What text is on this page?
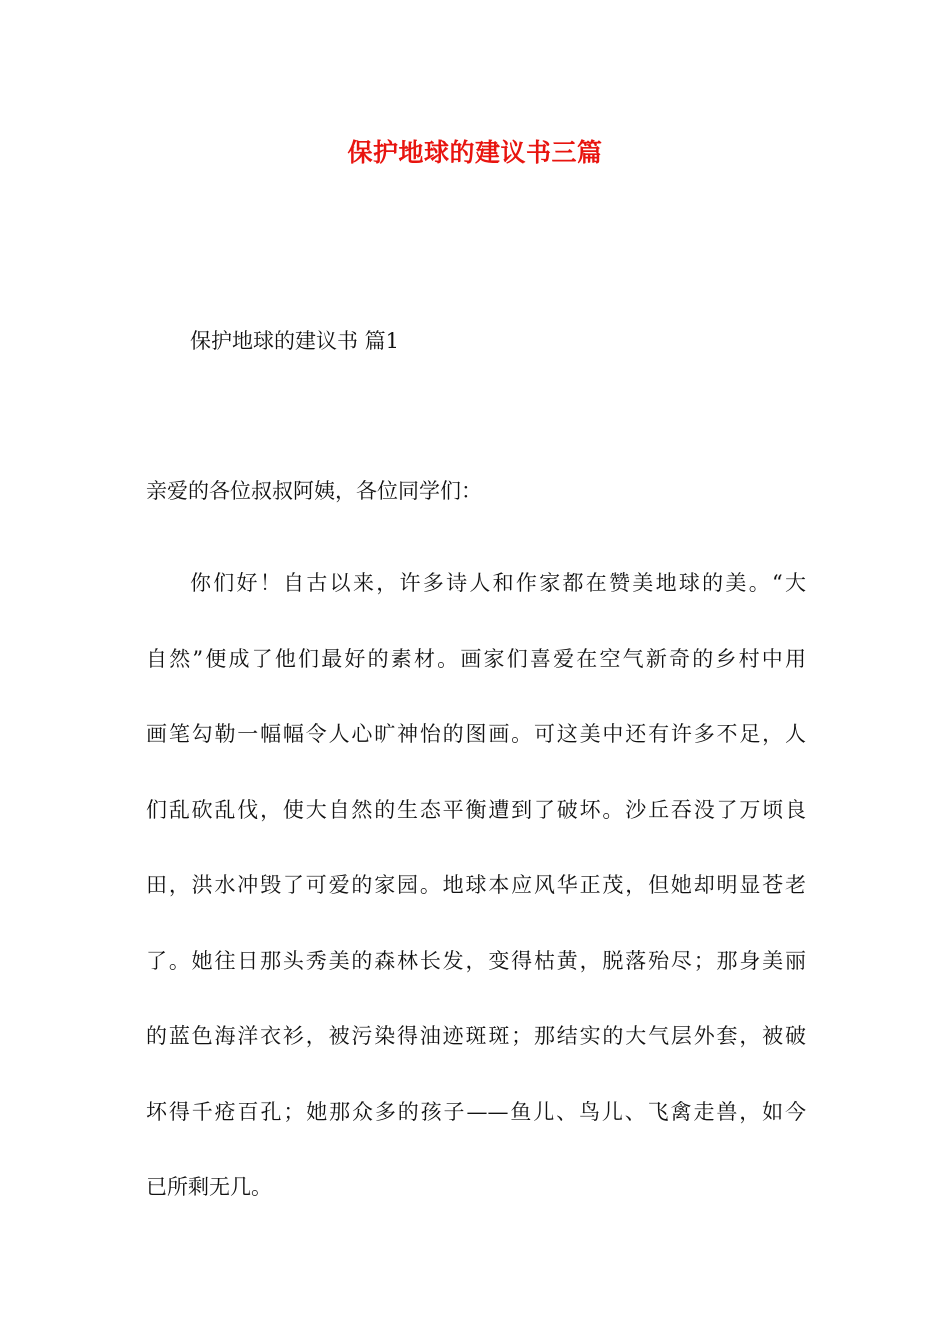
保护地球的建议书三篇
保护地球的建议书 篇1
亲爱的各位叔叔阿姨，各位同学们：
你们好！自古以来，许多诗人和作家都在赞美地球的美。“大
自然”便成了他们最好的素材。画家们喜爱在空气新奇的乡村中用
画笔勾勒一幅幅令人心旷神怡的图画。可这美中还有许多不足，人
们乱砍乱伐，使大自然的生态平衡遭到了破坏。沙丘吞没了万顷良
田，洪水冲毁了可爱的家园。地球本应风华正茂，但她却明显苍老
了。她往日那头秀美的森林长发，变得枯黄，脱落殆尽；那身美丽
的蓝色海洋衣衫，被污染得油迹斑斑；那结实的大气层外套，被破
坏得千疮百孔；她那众多的孩子——鱼儿、鸟儿、飞禽走兽，如今
已所剩无几。
